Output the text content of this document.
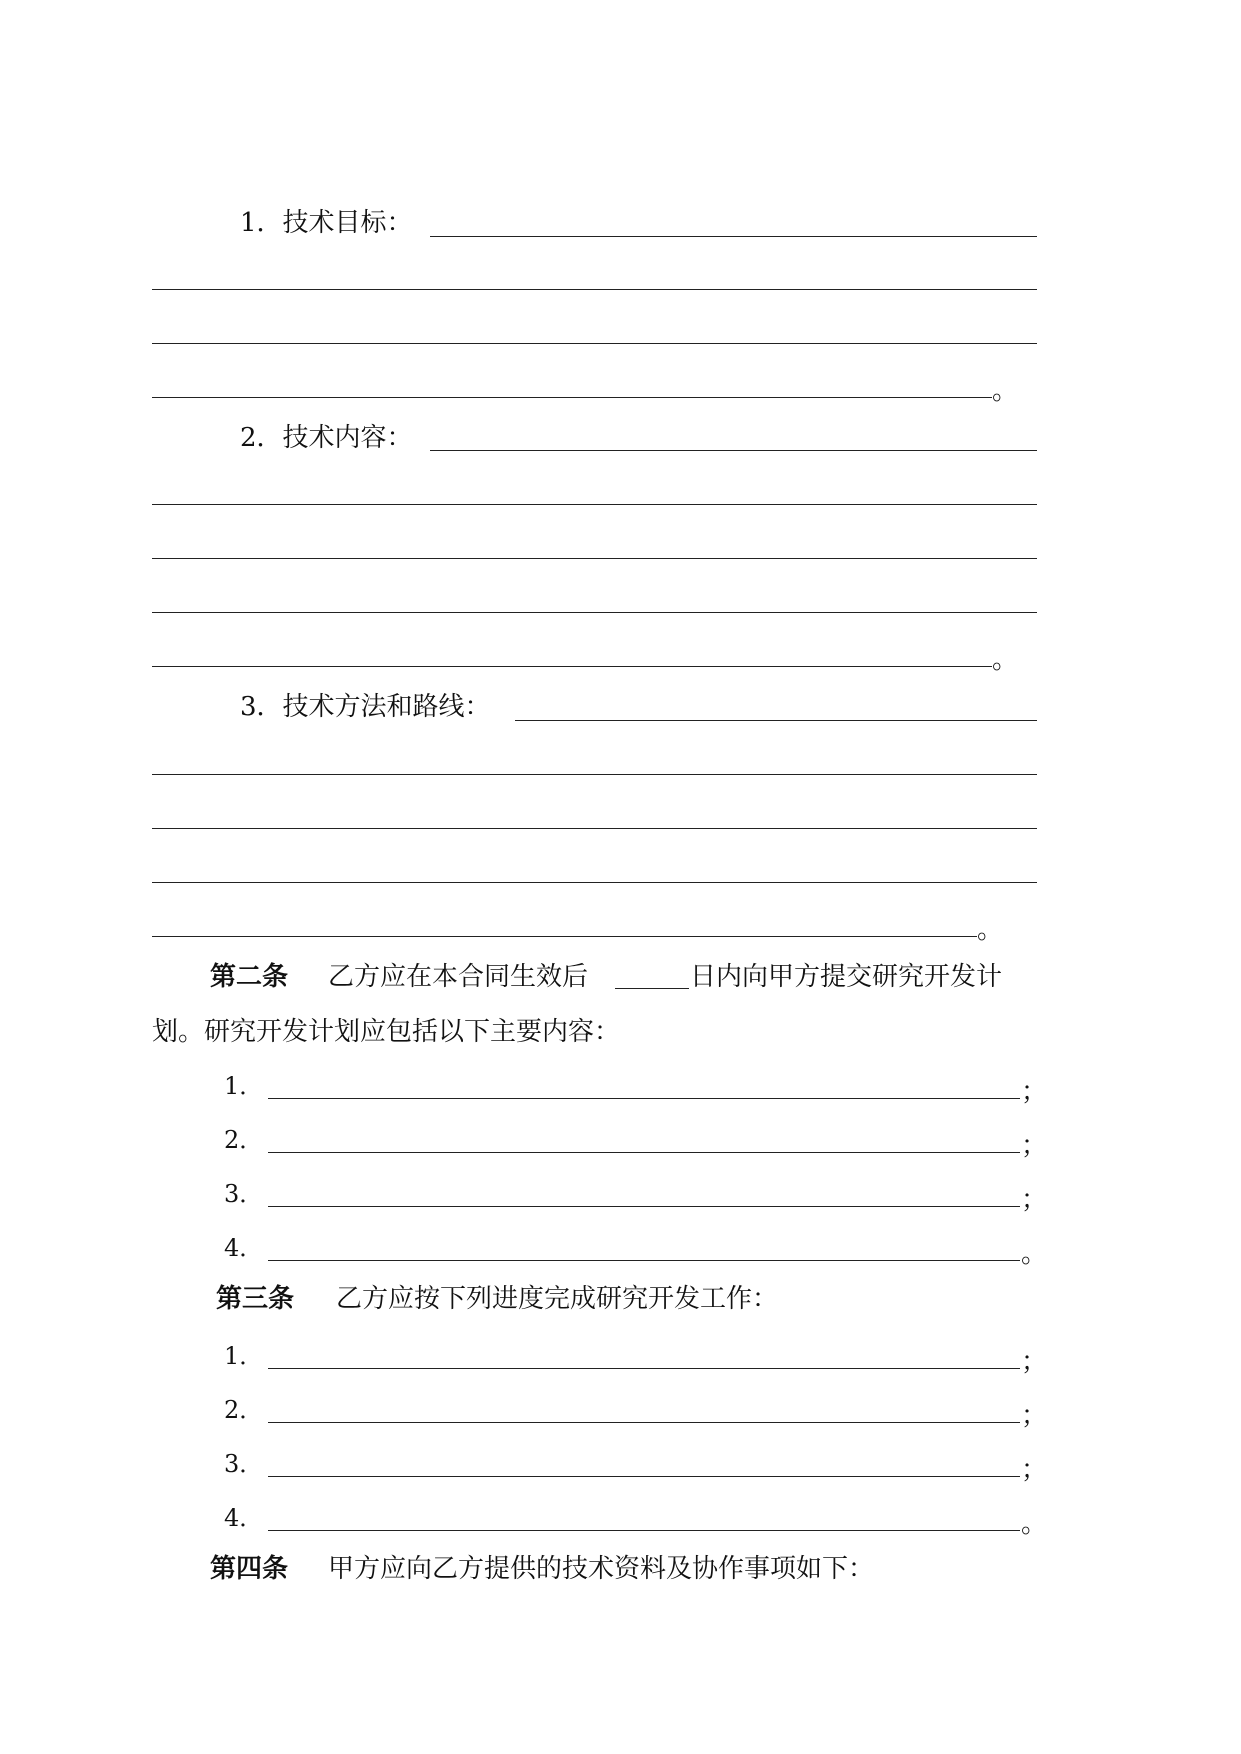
1．技术目标：
。
2．技术内容：
。
3．技术方法和路线：
。
第二条 乙方应在本合同生效后	日内向甲方提交研究开发计
划。研究开发计划应包括以下主要内容：
1．	；
2．	；
3．	；
4．	。
第三条 乙方应按下列进度完成研究开发工作：
1．	；
2．	；
3．	；
4．	。
第四条 甲方应向乙方提供的技术资料及协作事项如下：
